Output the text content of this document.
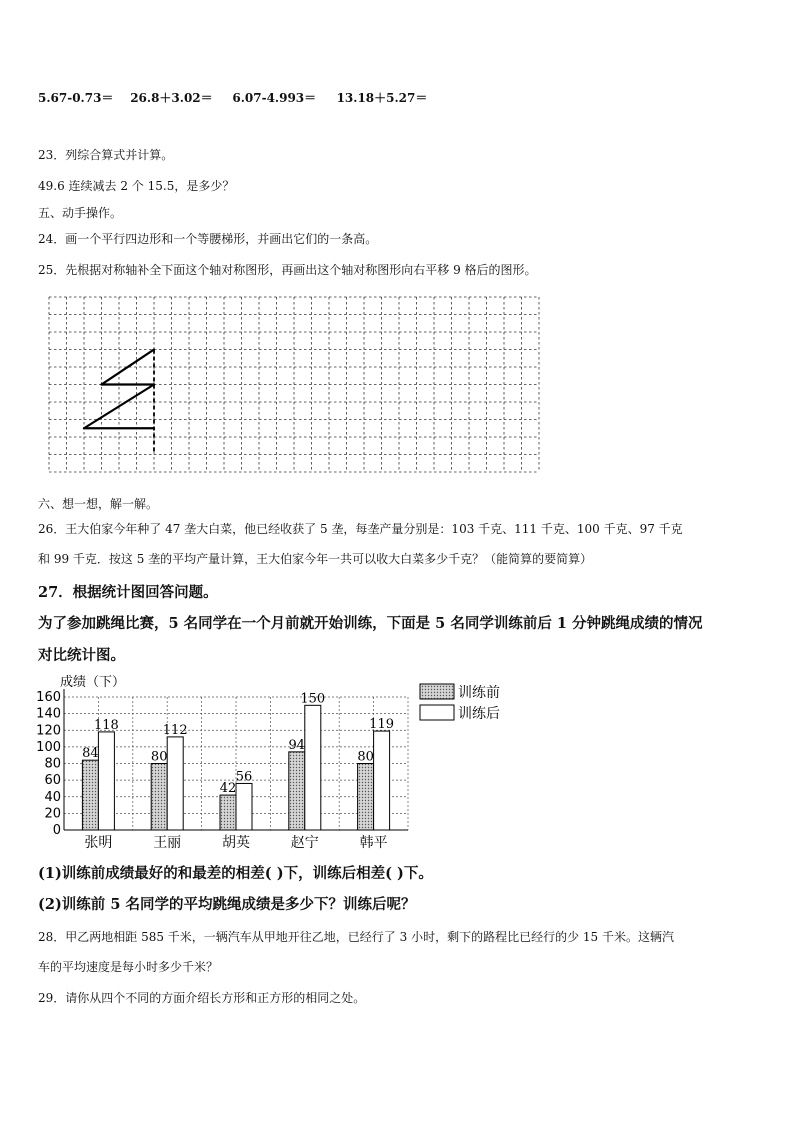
5.67-0.73＝ 26.8＋3.02＝ 6.07-4.993＝ 13.18＋5.27＝
23．列综合算式并计算。
49.6 连续减去 2 个 15.5，是多少？
五、动手操作。
24．画一个平行四边形和一个等腰梯形，并画出它们的一条高。
25．先根据对称轴补全下面这个轴对称图形，再画出这个轴对称图形向右平移 9 格后的图形。
六、想一想，解一解。
26．王大伯家今年种了 47 垄大白菜，他已经收获了 5 垄，每垄产量分别是：103 千克、111 千克、100 千克、97 千克
和 99 千克．按这 5 垄的平均产量计算，王大伯家今年一共可以收大白菜多少千克？（能简算的要简算）
27．根据统计图回答问题。
为了参加跳绳比赛，5 名同学在一个月前就开始训练，下面是 5 名同学训练前后 1 分钟跳绳成绩的情况
对比统计图。
0
20
40
60
80
100
120
140
160
成绩（下）
84
118
张明
80
112
王丽
42
56
胡英
94
150
赵宁
80
119
韩平
训练前
训练后
(1)训练前成绩最好的和最差的相差( )下，训练后相差( )下。
(2)训练前 5 名同学的平均跳绳成绩是多少下？训练后呢？
28．甲乙两地相距 585 千米，一辆汽车从甲地开往乙地，已经行了 3 小时，剩下的路程比已经行的少 15 千米。这辆汽
车的平均速度是每小时多少千米？
29．请你从四个不同的方面介绍长方形和正方形的相同之处。
